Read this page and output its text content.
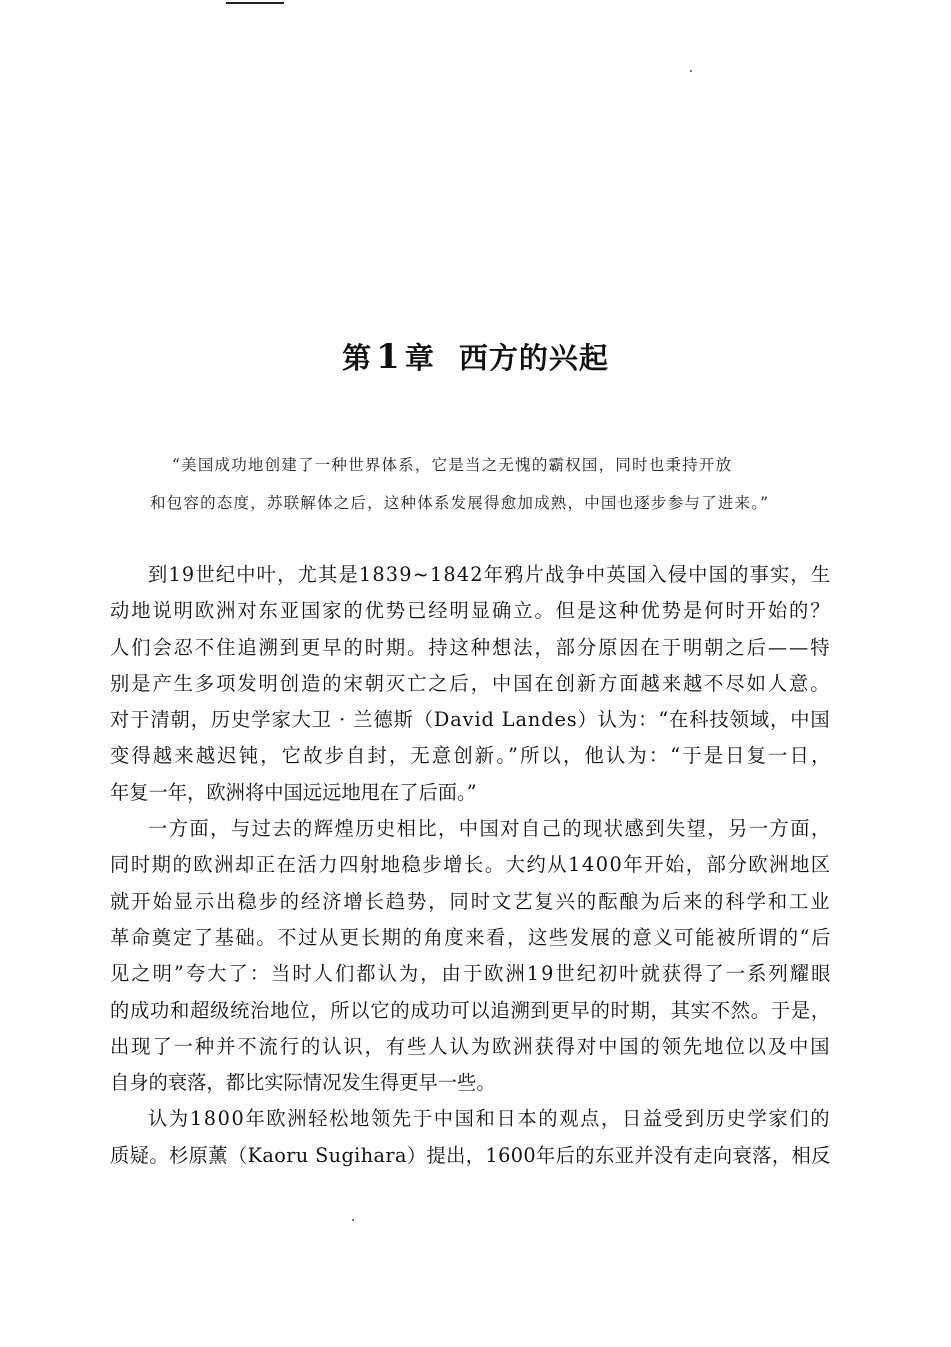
第 1 章 西方的兴起
“美国成功地创建了一种世界体系，它是当之无愧的霸权国，同时也秉持开放
和包容的态度，苏联解体之后，这种体系发展得愈加成熟，中国也逐步参与了进来。”
到19世纪中叶，尤其是1839~1842年鸦片战争中英国入侵中国的事实，生
动地说明欧洲对东亚国家的优势已经明显确立。但是这种优势是何时开始的？
人们会忍不住追溯到更早的时期。持这种想法，部分原因在于明朝之后——特
别是产生多项发明创造的宋朝灭亡之后，中国在创新方面越来越不尽如人意。
对于清朝，历史学家大卫 · 兰德斯（David Landes）认为：“在科技领域，中国
变得越来越迟钝，它故步自封，无意创新。”所以，他认为：“于是日复一日，
年复一年，欧洲将中国远远地甩在了后面。”
一方面，与过去的辉煌历史相比，中国对自己的现状感到失望，另一方面，
同时期的欧洲却正在活力四射地稳步增长。大约从1400年开始，部分欧洲地区
就开始显示出稳步的经济增长趋势，同时文艺复兴的酝酿为后来的科学和工业
革命奠定了基础。不过从更长期的角度来看，这些发展的意义可能被所谓的“后
见之明”夸大了：当时人们都认为，由于欧洲19世纪初叶就获得了一系列耀眼
的成功和超级统治地位，所以它的成功可以追溯到更早的时期，其实不然。于是，
出现了一种并不流行的认识，有些人认为欧洲获得对中国的领先地位以及中国
自身的衰落，都比实际情况发生得更早一些。
认为1800年欧洲轻松地领先于中国和日本的观点，日益受到历史学家们的
质疑。杉原薰（Kaoru Sugihara）提出，1600年后的东亚并没有走向衰落，相反
